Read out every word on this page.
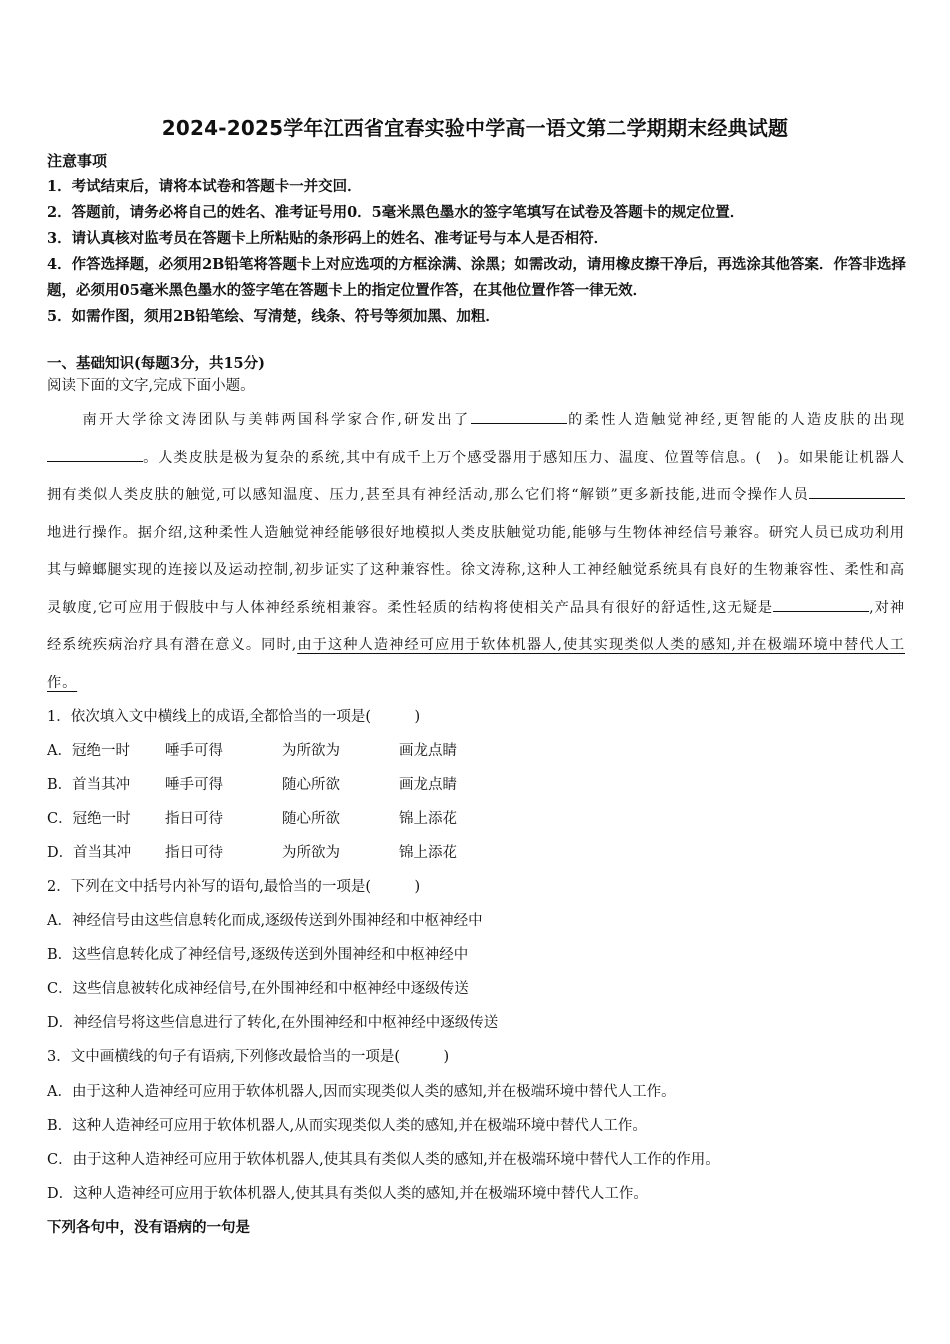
2024-2025学年江西省宜春实验中学高一语文第二学期期末经典试题

注意事项

1．考试结束后，请将本试卷和答题卡一并交回．
2．答题前，请务必将自己的姓名、准考证号用0．5毫米黑色墨水的签字笔填写在试卷及答题卡的规定位置．
3．请认真核对监考员在答题卡上所粘贴的条形码上的姓名、准考证号与本人是否相符．
4．作答选择题，必须用2B铅笔将答题卡上对应选项的方框涂满、涂黑；如需改动，请用橡皮擦干净后，再选涂其他答案．作答非选择题，必须用05毫米黑色墨水的签字笔在答题卡上的指定位置作答，在其他位置作答一律无效．
5．如需作图，须用2B铅笔绘、写清楚，线条、符号等须加黑、加粗．

一、基础知识(每题3分，共15分)

阅读下面的文字,完成下面小题。

南开大学徐文涛团队与美韩两国科学家合作,研发出了	的柔性人造触觉神经,更智能的人造皮肤的出现。人类皮肤是极为复杂的系统,其中有成千上万个感受器用于感知压力、温度、位置等信息。(　)。如果能让机器人拥有类似人类皮肤的触觉,可以感知温度、压力,甚至具有神经活动,那么它们将“解锁”更多新技能,进而令操作人员地进行操作。据介绍,这种柔性人造触觉神经能够很好地模拟人类皮肤触觉功能,能够与生物体神经信号兼容。研究人员已成功利用其与蟑螂腿实现的连接以及运动控制,初步证实了这种兼容性。徐文涛称,这种人工神经触觉系统具有良好的生物兼容性、柔性和高灵敏度,它可应用于假肢中与人体神经系统相兼容。柔性轻质的结构将使相关产品具有很好的舒适性,这无疑是	,对神经系统疾病治疗具有潜在意义。同时,由于这种人造神经可应用于软体机器人,使其实现类似人类的感知,并在极端环境中替代人工作。

1．依次填入文中横线上的成语,全都恰当的一项是(　　　)

A．冠绝一时 唾手可得	为所欲为	画龙点睛

B．首当其冲 唾手可得	随心所欲	画龙点睛

C．冠绝一时 指日可待	随心所欲	锦上添花

D．首当其冲 指日可待	为所欲为	锦上添花

2．下列在文中括号内补写的语句,最恰当的一项是(　　　)

A．神经信号由这些信息转化而成,逐级传送到外围神经和中枢神经中

B．这些信息转化成了神经信号,逐级传送到外围神经和中枢神经中

C．这些信息被转化成神经信号,在外围神经和中枢神经中逐级传送

D．神经信号将这些信息进行了转化,在外围神经和中枢神经中逐级传送

3．文中画横线的句子有语病,下列修改最恰当的一项是(　　　)

A．由于这种人造神经可应用于软体机器人,因而实现类似人类的感知,并在极端环境中替代人工作。

B．这种人造神经可应用于软体机器人,从而实现类似人类的感知,并在极端环境中替代人工作。

C．由于这种人造神经可应用于软体机器人,使其具有类似人类的感知,并在极端环境中替代人工作的作用。

D．这种人造神经可应用于软体机器人,使其具有类似人类的感知,并在极端环境中替代人工作。

下列各句中，没有语病的一句是
